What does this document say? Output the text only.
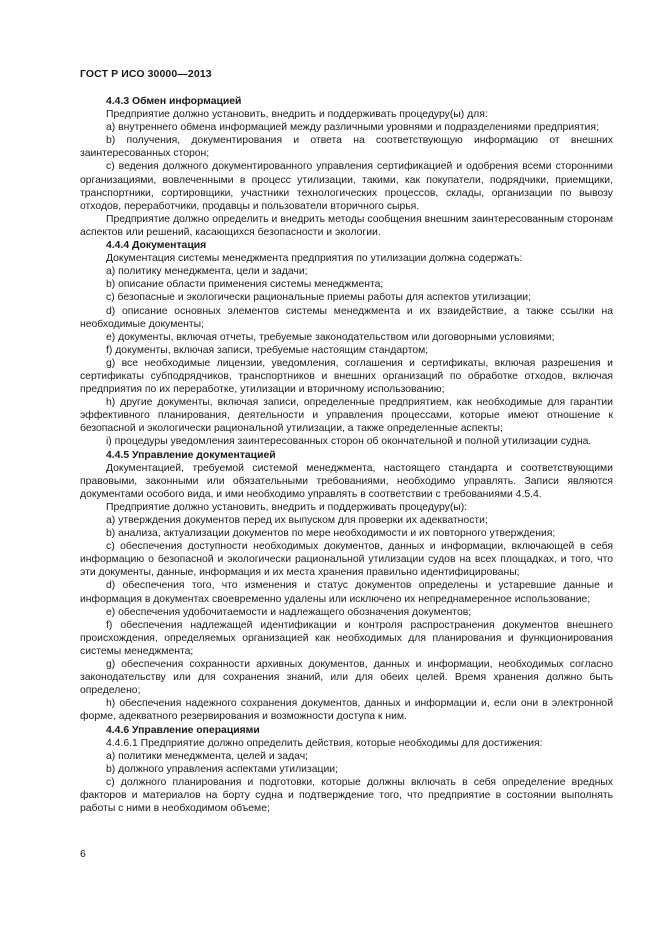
ГОСТ Р ИСО 30000—2013
4.4.3 Обмен информацией

Предприятие должно установить, внедрить и поддерживать процедуру(ы) для:

a) внутреннего обмена информацией между различными уровнями и подразделениями предприятия;

b) получения, документирования и ответа на соответствующую информацию от внешних заинтересованных сторон;

c) ведения должного документированного управления сертификацией и одобрения всеми сторонними организациями, вовлеченными в процесс утилизации, такими, как покупатели, подрядчики, приемщики, транспортники, сортировщики, участники технологических процессов, склады, организации по вывозу отходов, переработчики, продавцы и пользователи вторичного сырья.

Предприятие должно определить и внедрить методы сообщения внешним заинтересованным сторонам аспектов или решений, касающихся безопасности и экологии.

4.4.4 Документация

Документация системы менеджмента предприятия по утилизации должна содержать:

a) политику менеджмента, цели и задачи;

b) описание области применения системы менеджмента;

c) безопасные и экологически рациональные приемы работы для аспектов утилизации;

d) описание основных элементов системы менеджмента и их взаидействие, а также ссылки на необходимые документы;

e) документы, включая отчеты, требуемые законодательством или договорными условиями;

f) документы, включая записи, требуемые настоящим стандартом;

g) все необходимые лицензии, уведомления, соглашения и сертификаты, включая разрешения и сертификаты субподрядчиков, транспортников и внешних организаций по обработке отходов, включая предприятия по их переработке, утилизации и вторичному использованию;

h) другие документы, включая записи, определенные предприятием, как необходимые для гарантии эффективного планирования, деятельности и управления процессами, которые имеют отношение к безопасной и экологически рациональной утилизации, а также определенные аспекты;

i) процедуры уведомления заинтересованных сторон об окончательной и полной утилизации судна.

4.4.5 Управление документацией

Документацией, требуемой системой менеджмента, настоящего стандарта и соответствующими правовыми, законными или обязательными требованиями, необходимо управлять. Записи являются документами особого вида, и ими необходимо управлять в соответствии с требованиями 4.5.4.

Предприятие должно установить, внедрить и поддерживать процедуру(ы):

a) утверждения документов перед их выпуском для проверки их адекватности;

b) анализа, актуализации документов по мере необходимости и их повторного утверждения;

c) обеспечения доступности необходимых документов, данных и информации, включающей в себя информацию о безопасной и экологически рациональной утилизации судов на всех площадках, и того, что эти документы, данные, информация и их места хранения правильно идентифицированы;

d) обеспечения того, что изменения и статус документов определены и устаревшие данные и информация в документах своевременно удалены или исключено их непреднамеренное использование;

e) обеспечения удобочитаемости и надлежащего обозначения документов;

f) обеспечения надлежащей идентификации и контроля распространения документов внешнего происхождения, определяемых организацией как необходимых для планирования и функционирования системы менеджмента;

g) обеспечения сохранности архивных документов, данных и информации, необходимых согласно законодательству или для сохранения знаний, или для обеих целей. Время хранения должно быть определено;

h) обеспечения надежного сохранения документов, данных и информации и, если они в электронной форме, адекватного резервирования и возможности доступа к ним.

4.4.6 Управление операциями

4.4.6.1 Предприятие должно определить действия, которые необходимы для достижения:

a) политики менеджмента, целей и задач;

b) должного управления аспектами утилизации;

c) должного планирования и подготовки, которые должны включать в себя определение вредных факторов и материалов на борту судна и подтверждение того, что предприятие в состоянии выполнять работы с ними в необходимом объеме;

6
